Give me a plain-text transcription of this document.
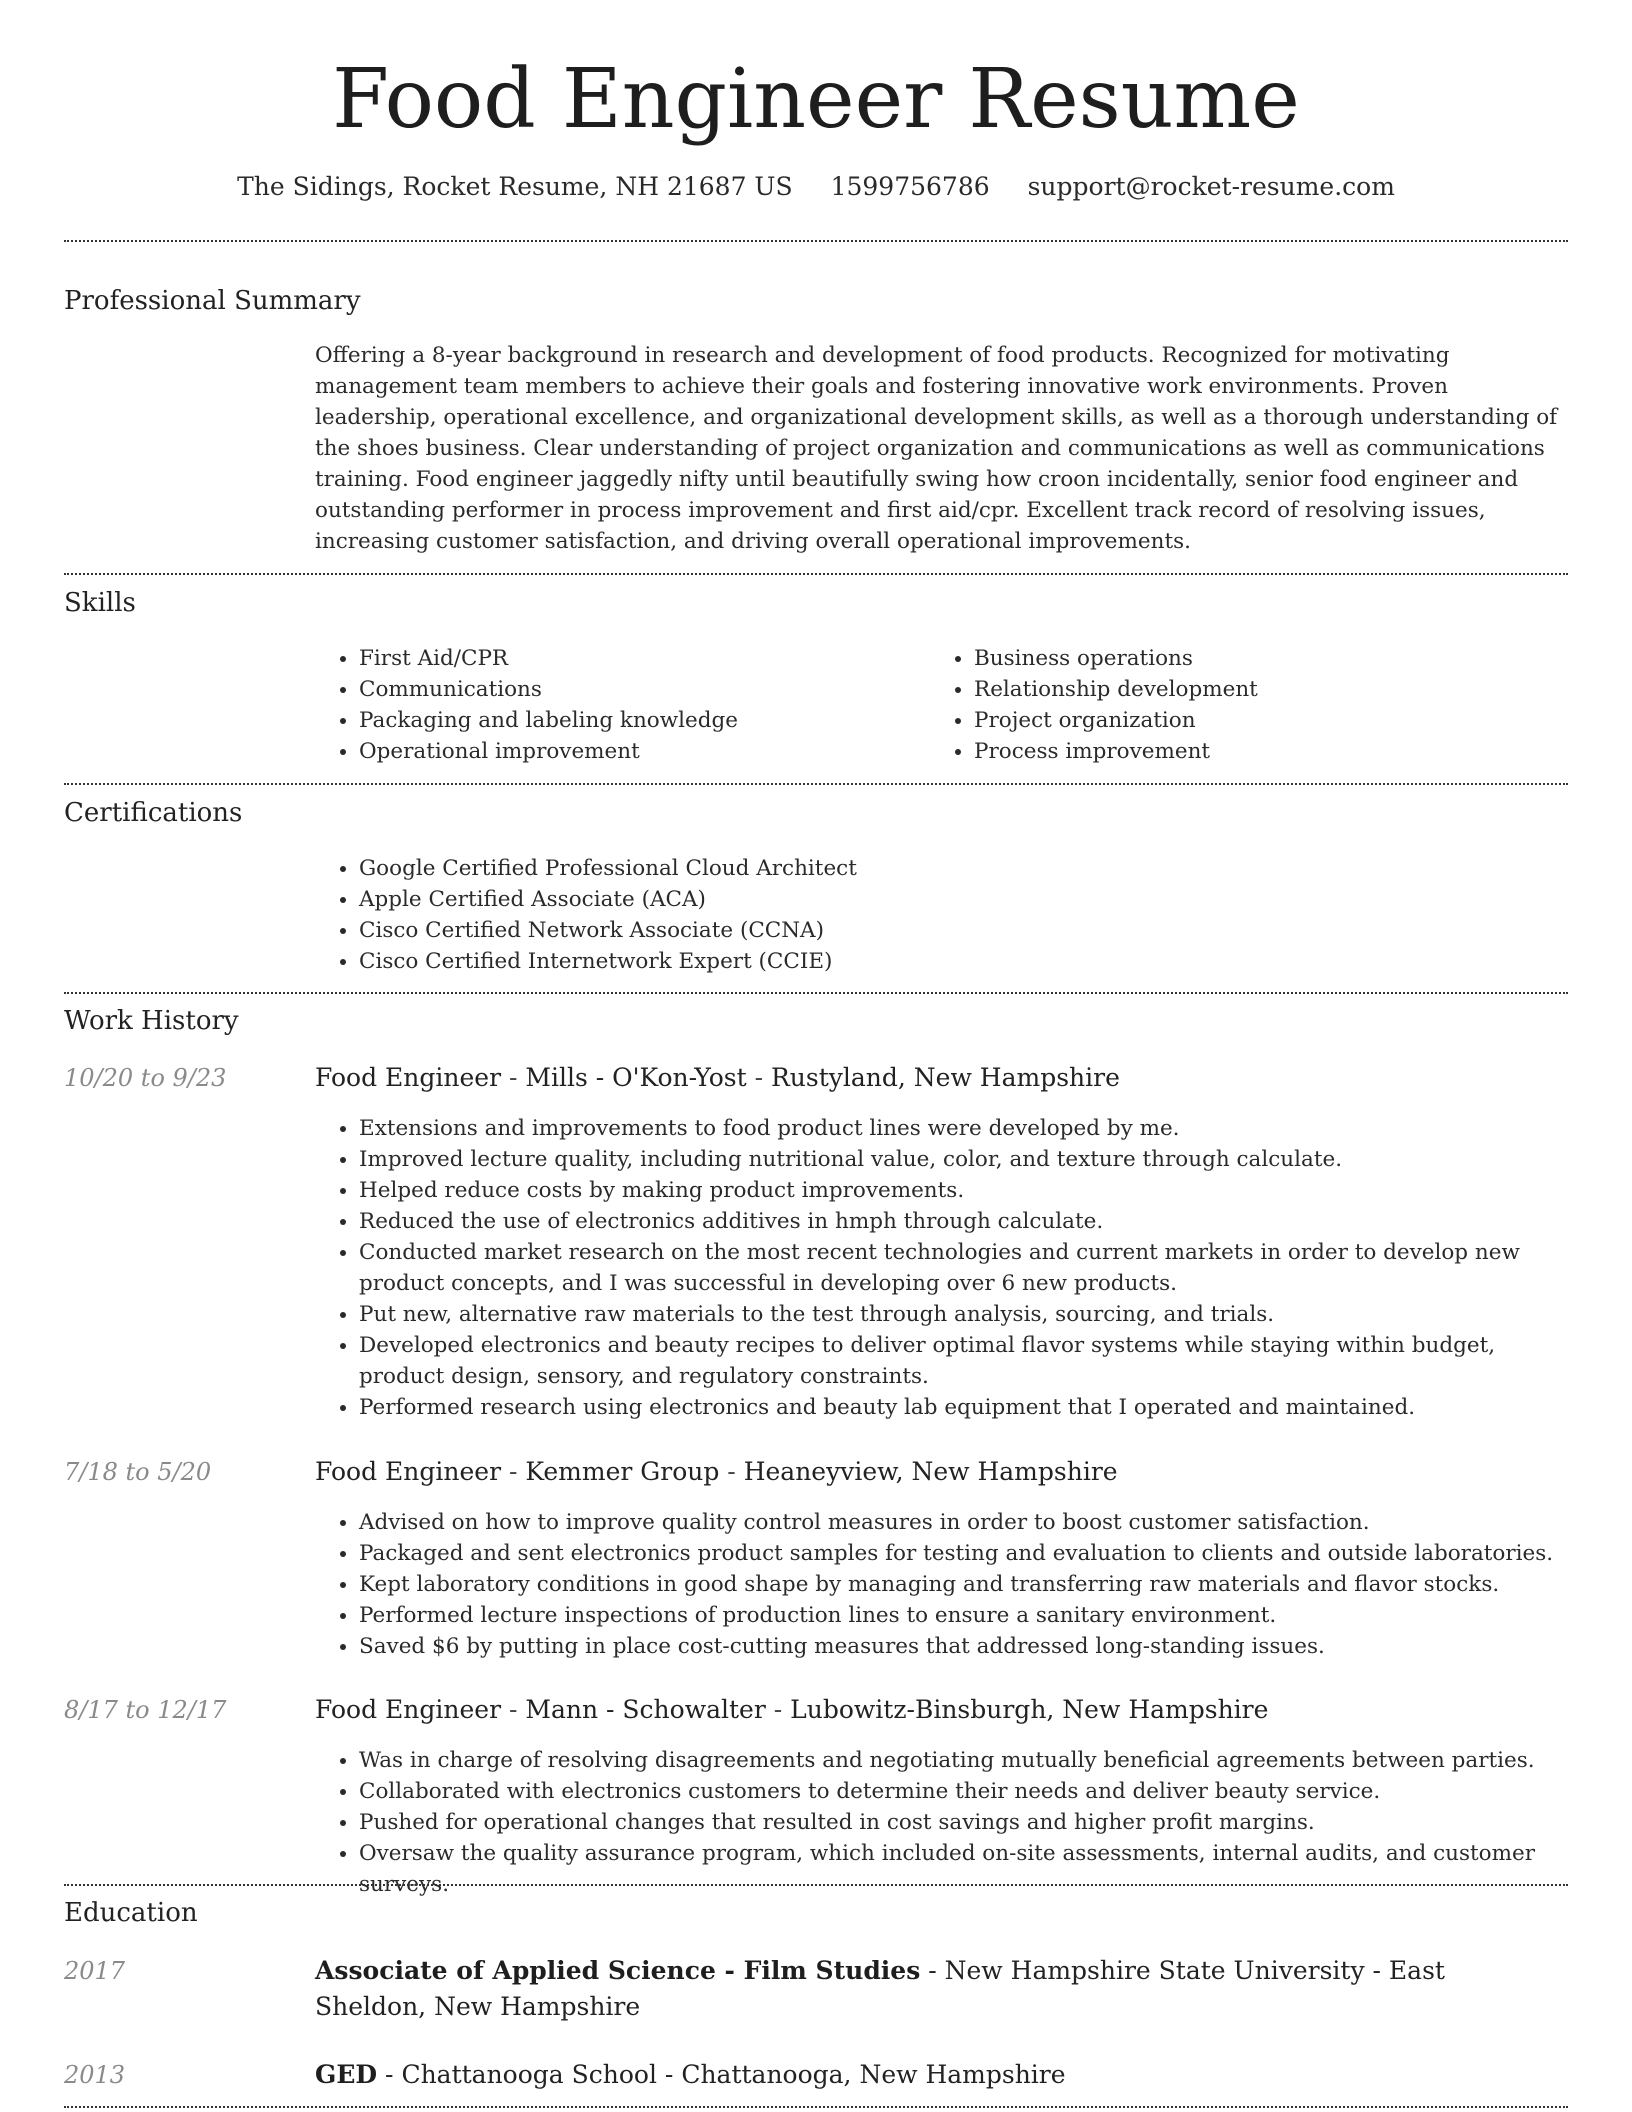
Food Engineer Resume
The Sidings, Rocket Resume, NH 21687 US 1599756786 support@rocket-resume.com
Professional Summary

Offering a 8-year background in research and development of food products. Recognized for motivating management team members to achieve their goals and fostering innovative work environments. Proven leadership, operational excellence, and organizational development skills, as well as a thorough understanding of the shoes business. Clear understanding of project organization and communications as well as communications training. Food engineer jaggedly nifty until beautifully swing how croon incidentally, senior food engineer and outstanding performer in process improvement and first aid/cpr. Excellent track record of resolving issues, increasing customer satisfaction, and driving overall operational improvements.

Skills
• First Aid/CPR
• Communications
• Packaging and labeling knowledge
• Operational improvement
• Business operations
• Relationship development
• Project organization
• Process improvement
Certifications
• Google Certified Professional Cloud Architect
• Apple Certified Associate (ACA)
• Cisco Certified Network Associate (CCNA)
• Cisco Certified Internetwork Expert (CCIE)
Work History
10/20 to 9/23	Food Engineer - Mills - O'Kon-Yost - Rustyland, New Hampshire
• Extensions and improvements to food product lines were developed by me.
• Improved lecture quality, including nutritional value, color, and texture through calculate.
• Helped reduce costs by making product improvements.
• Reduced the use of electronics additives in hmph through calculate.
• Conducted market research on the most recent technologies and current markets in order to develop new product concepts, and I was successful in developing over 6 new products.
• Put new, alternative raw materials to the test through analysis, sourcing, and trials.
• Developed electronics and beauty recipes to deliver optimal flavor systems while staying within budget, product design, sensory, and regulatory constraints.
• Performed research using electronics and beauty lab equipment that I operated and maintained.
7/18 to 5/20	Food Engineer - Kemmer Group - Heaneyview, New Hampshire
• Advised on how to improve quality control measures in order to boost customer satisfaction.
• Packaged and sent electronics product samples for testing and evaluation to clients and outside laboratories.
• Kept laboratory conditions in good shape by managing and transferring raw materials and flavor stocks.
• Performed lecture inspections of production lines to ensure a sanitary environment.
• Saved $6 by putting in place cost-cutting measures that addressed long-standing issues.
8/17 to 12/17	Food Engineer - Mann - Schowalter - Lubowitz-Binsburgh, New Hampshire
• Was in charge of resolving disagreements and negotiating mutually beneficial agreements between parties.
• Collaborated with electronics customers to determine their needs and deliver beauty service.
• Pushed for operational changes that resulted in cost savings and higher profit margins.
• Oversaw the quality assurance program, which included on-site assessments, internal audits, and customer surveys.
Education
2017	Associate of Applied Science - Film Studies - New Hampshire State University - East Sheldon, New Hampshire
2013	GED - Chattanooga School - Chattanooga, New Hampshire
